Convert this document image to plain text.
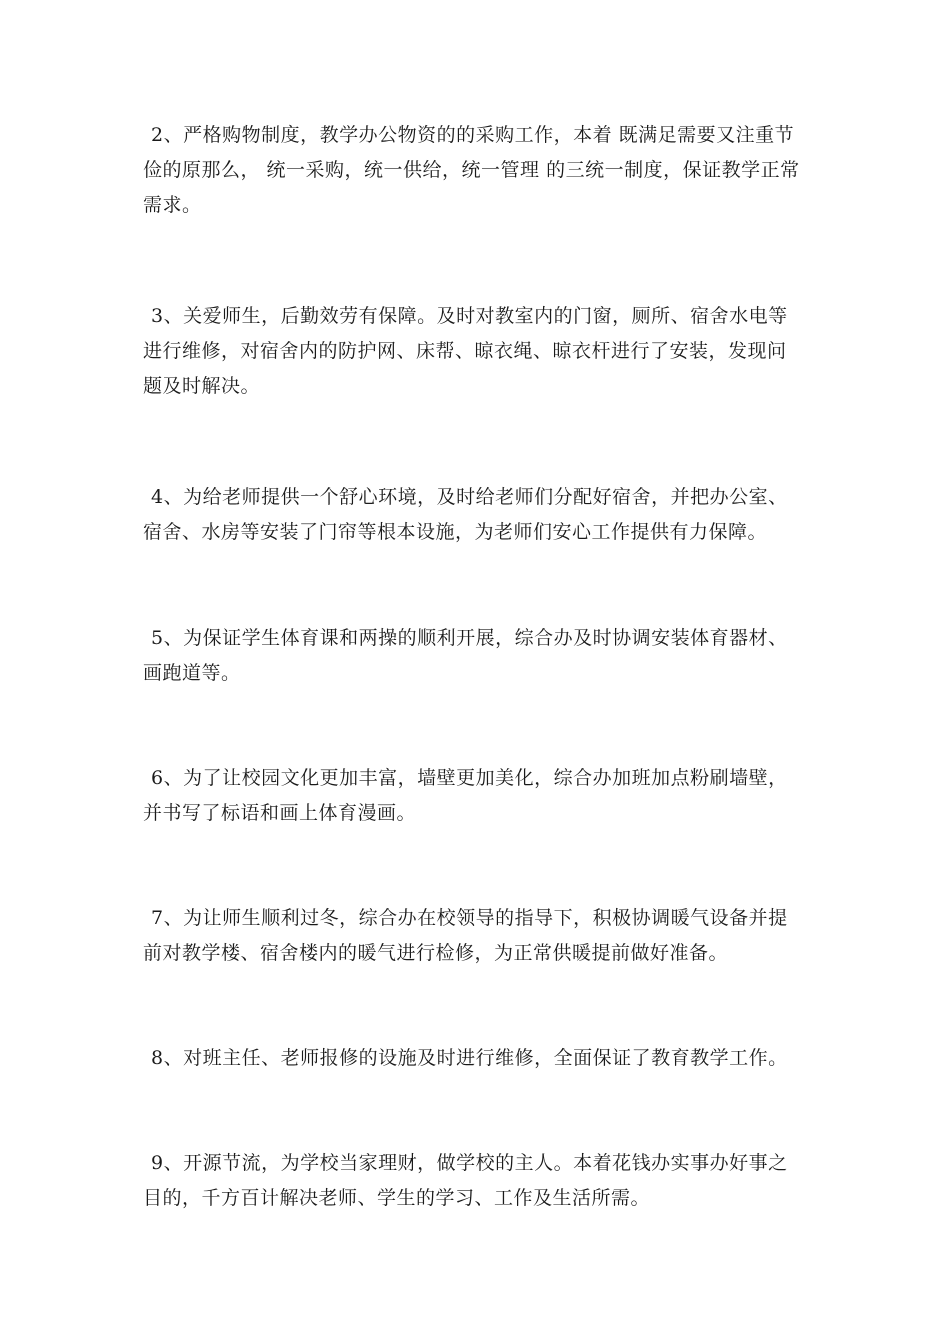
2、严格购物制度，教学办公物资的的采购工作，本着 既满足需要又注重节俭的原那么， 统一采购，统一供给，统一管理 的三统一制度，保证教学正常需求。

3、关爱师生，后勤效劳有保障。及时对教室内的门窗，厕所、宿舍水电等进行维修，对宿舍内的防护网、床帮、晾衣绳、晾衣杆进行了安装，发现问题及时解决。

4、为给老师提供一个舒心环境，及时给老师们分配好宿舍，并把办公室、宿舍、水房等安装了门帘等根本设施，为老师们安心工作提供有力保障。

5、为保证学生体育课和两操的顺利开展，综合办及时协调安装体育器材、画跑道等。

6、为了让校园文化更加丰富，墙壁更加美化，综合办加班加点粉刷墙壁，并书写了标语和画上体育漫画。

7、为让师生顺利过冬，综合办在校领导的指导下，积极协调暖气设备并提前对教学楼、宿舍楼内的暖气进行检修，为正常供暖提前做好准备。

8、对班主任、老师报修的设施及时进行维修，全面保证了教育教学工作。

9、开源节流，为学校当家理财，做学校的主人。本着花钱办实事办好事之目的，千方百计解决老师、学生的学习、工作及生活所需。
